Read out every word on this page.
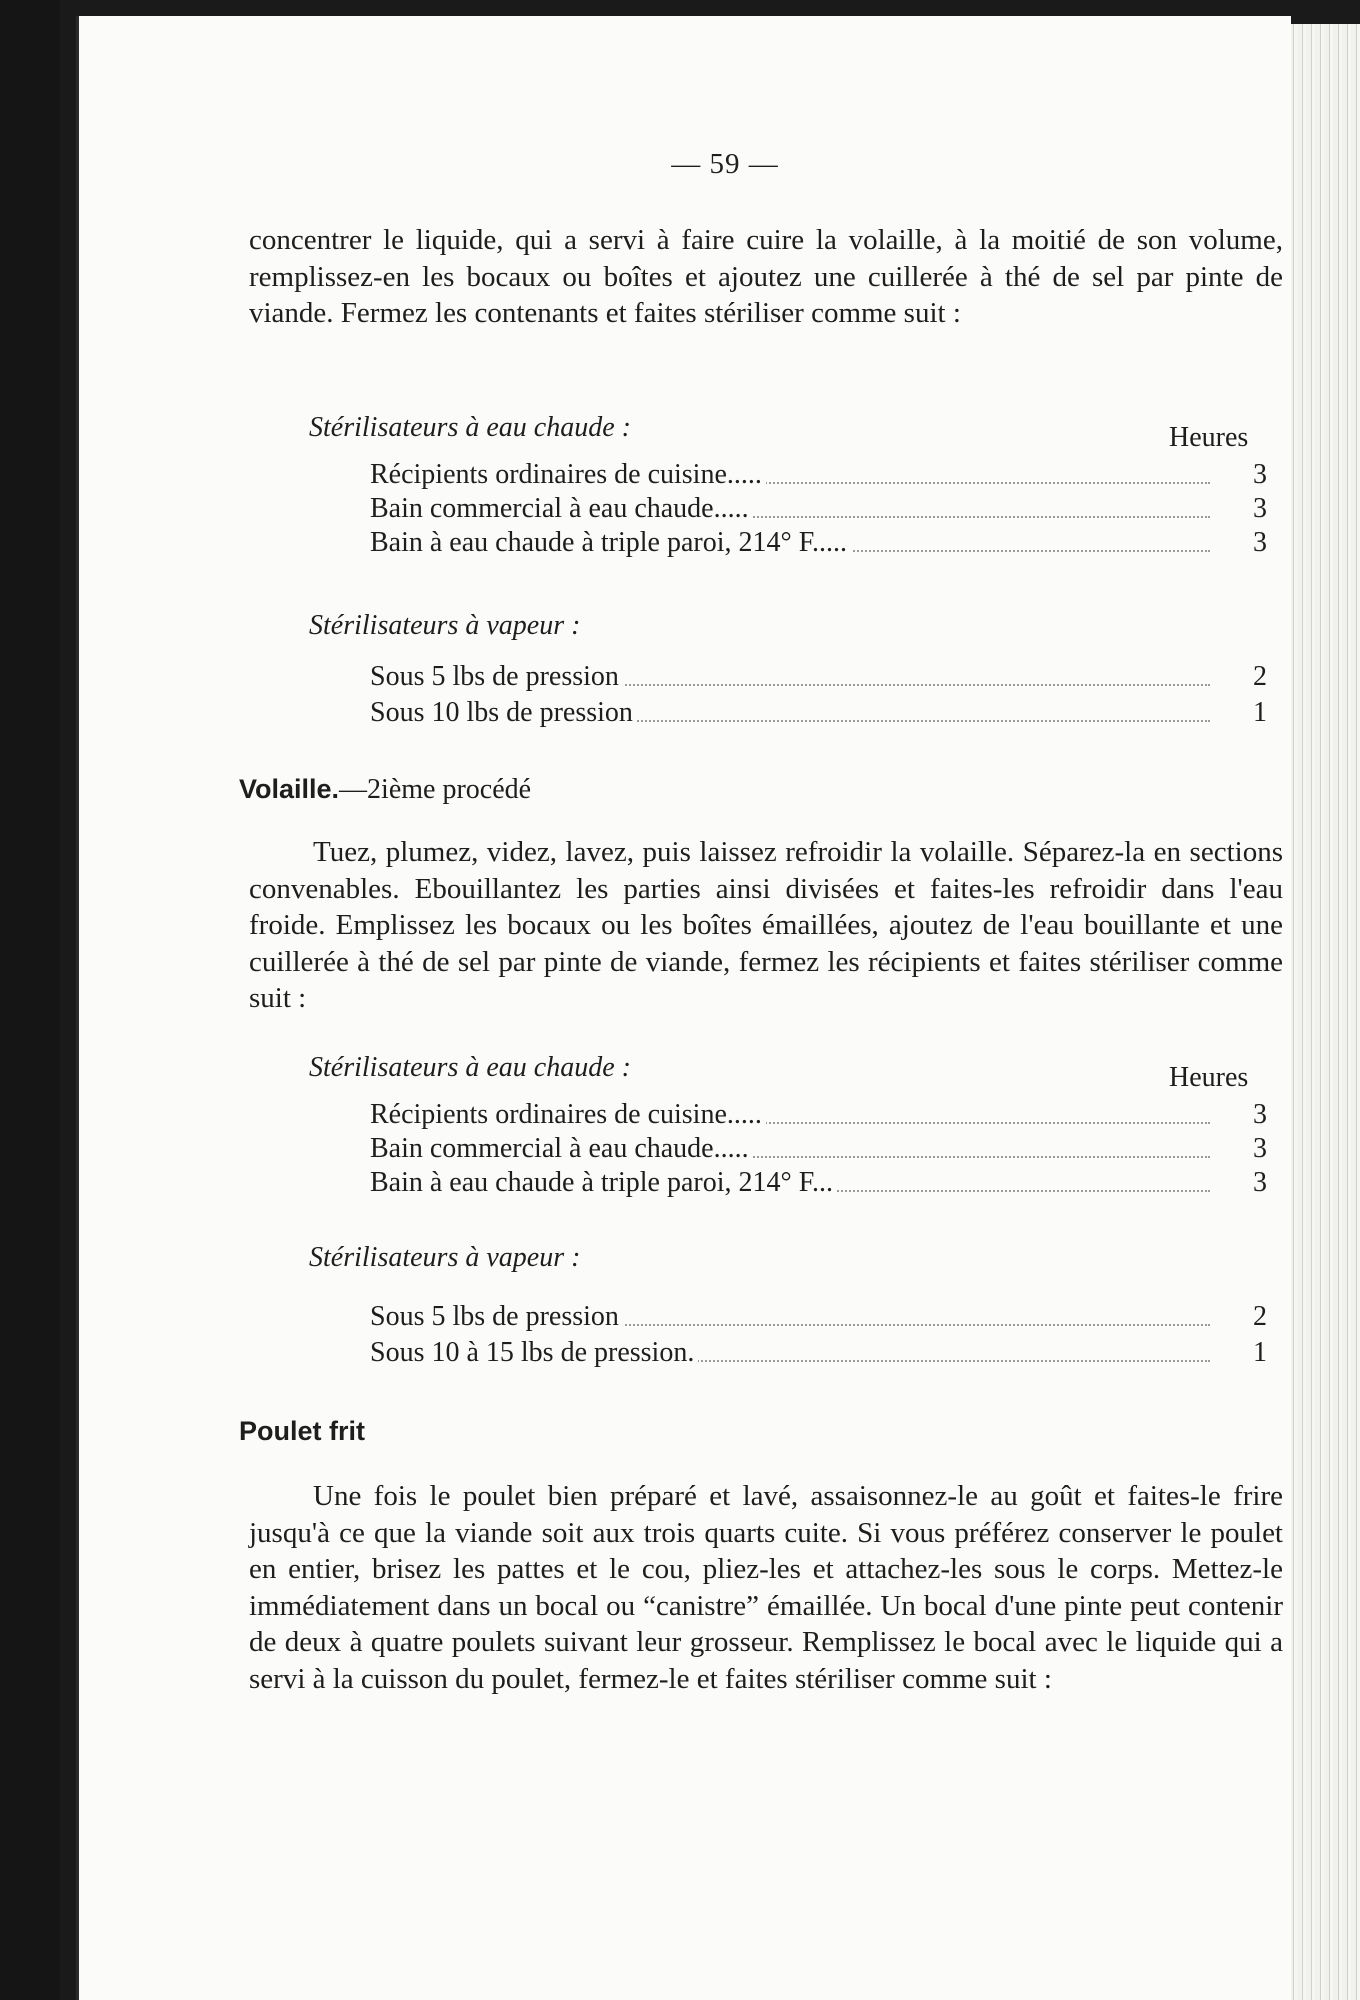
— 59 —

concentrer le liquide, qui a servi à faire cuire la volaille, à la moitié de son volume, remplissez-en les bocaux ou boîtes et ajoutez une cuillerée à thé de sel par pinte de viande. Fermez les contenants et faites stériliser comme suit :

Stérilisateurs à eau chaude :	Heures

Récipients ordinaires de cuisine.....	3
Bain commercial à eau chaude.....	3
Bain à eau chaude à triple paroi, 214° F.....	3

Stérilisateurs à vapeur :

Sous 5 lbs de pression	2
Sous 10 lbs de pression	1

Volaille.—2ième procédé

Tuez, plumez, videz, lavez, puis laissez refroidir la volaille. Séparez-la en sections convenables. Ebouillantez les parties ainsi divisées et faites-les refroidir dans l'eau froide. Emplissez les bocaux ou les boîtes émaillées, ajoutez de l'eau bouillante et une cuillerée à thé de sel par pinte de viande, fermez les récipients et faites stériliser comme suit :

Stérilisateurs à eau chaude :	Heures

Récipients ordinaires de cuisine.....	3
Bain commercial à eau chaude.....	3
Bain à eau chaude à triple paroi, 214° F...	3

Stérilisateurs à vapeur :

Sous 5 lbs de pression	2
Sous 10 à 15 lbs de pression.	1

Poulet frit

Une fois le poulet bien préparé et lavé, assaisonnez-le au goût et faites-le frire jusqu'à ce que la viande soit aux trois quarts cuite. Si vous préférez conserver le poulet en entier, brisez les pattes et le cou, pliez-les et attachez-les sous le corps. Mettez-le immédiatement dans un bocal ou “canistre” émaillée. Un bocal d'une pinte peut contenir de deux à quatre poulets suivant leur grosseur. Remplissez le bocal avec le liquide qui a servi à la cuisson du poulet, fermez-le et faites stériliser comme suit :
